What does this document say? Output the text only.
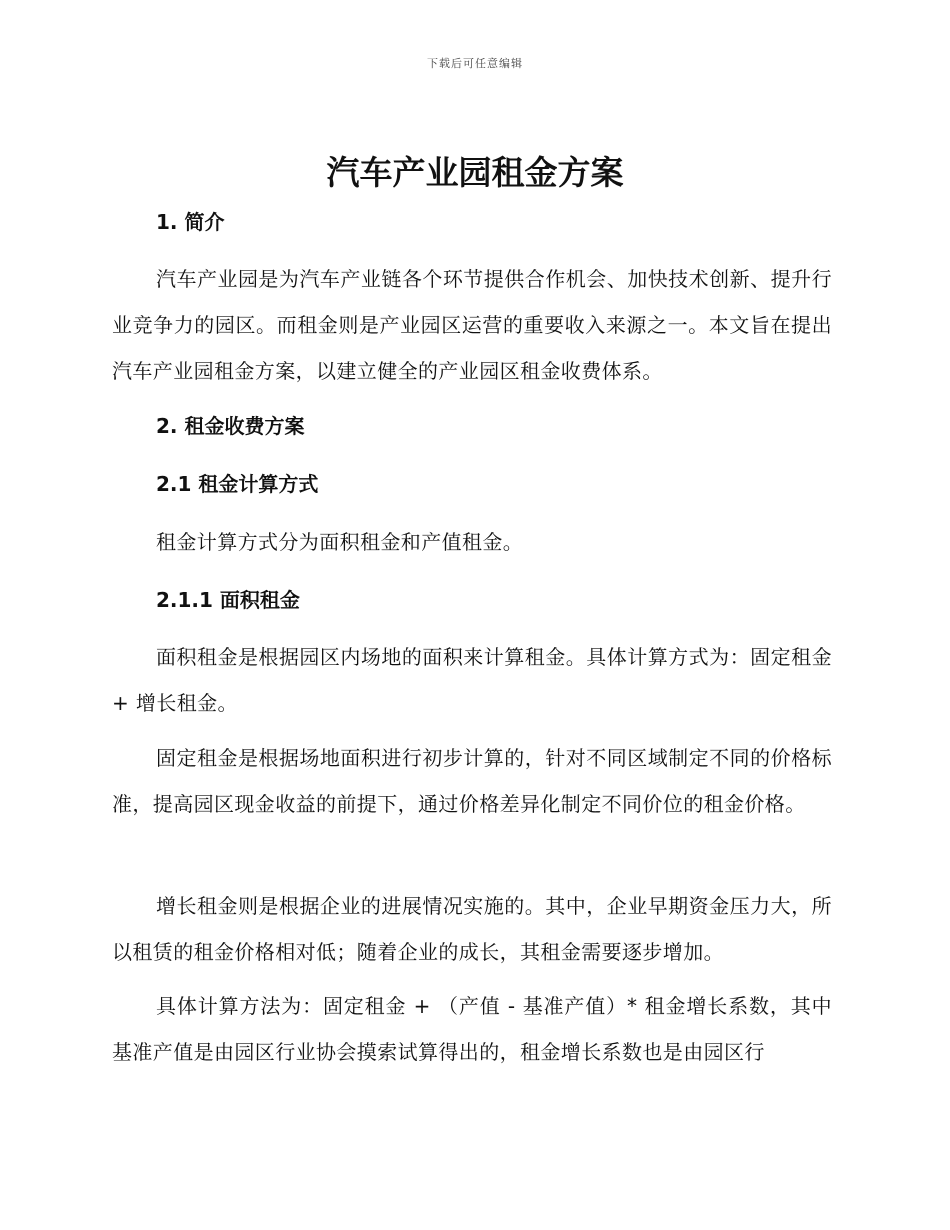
下载后可任意编辑
汽车产业园租金方案
1. 简介

汽车产业园是为汽车产业链各个环节提供合作机会、加快技术创新、提升行业竞争力的园区。而租金则是产业园区运营的重要收入来源之一。本文旨在提出汽车产业园租金方案，以建立健全的产业园区租金收费体系。

2. 租金收费方案
2.1 租金计算方式

租金计算方式分为面积租金和产值租金。

2.1.1 面积租金

面积租金是根据园区内场地的面积来计算租金。具体计算方式为：固定租金 + 增长租金。

固定租金是根据场地面积进行初步计算的，针对不同区域制定不同的价格标准，提高园区现金收益的前提下，通过价格差异化制定不同价位的租金价格。

增长租金则是根据企业的进展情况实施的。其中，企业早期资金压力大，所以租赁的租金价格相对低；随着企业的成长，其租金需要逐步增加。

具体计算方法为：固定租金 + （产值 - 基准产值）* 租金增长系数，其中基准产值是由园区行业协会摸索试算得出的，租金增长系数也是由园区行
